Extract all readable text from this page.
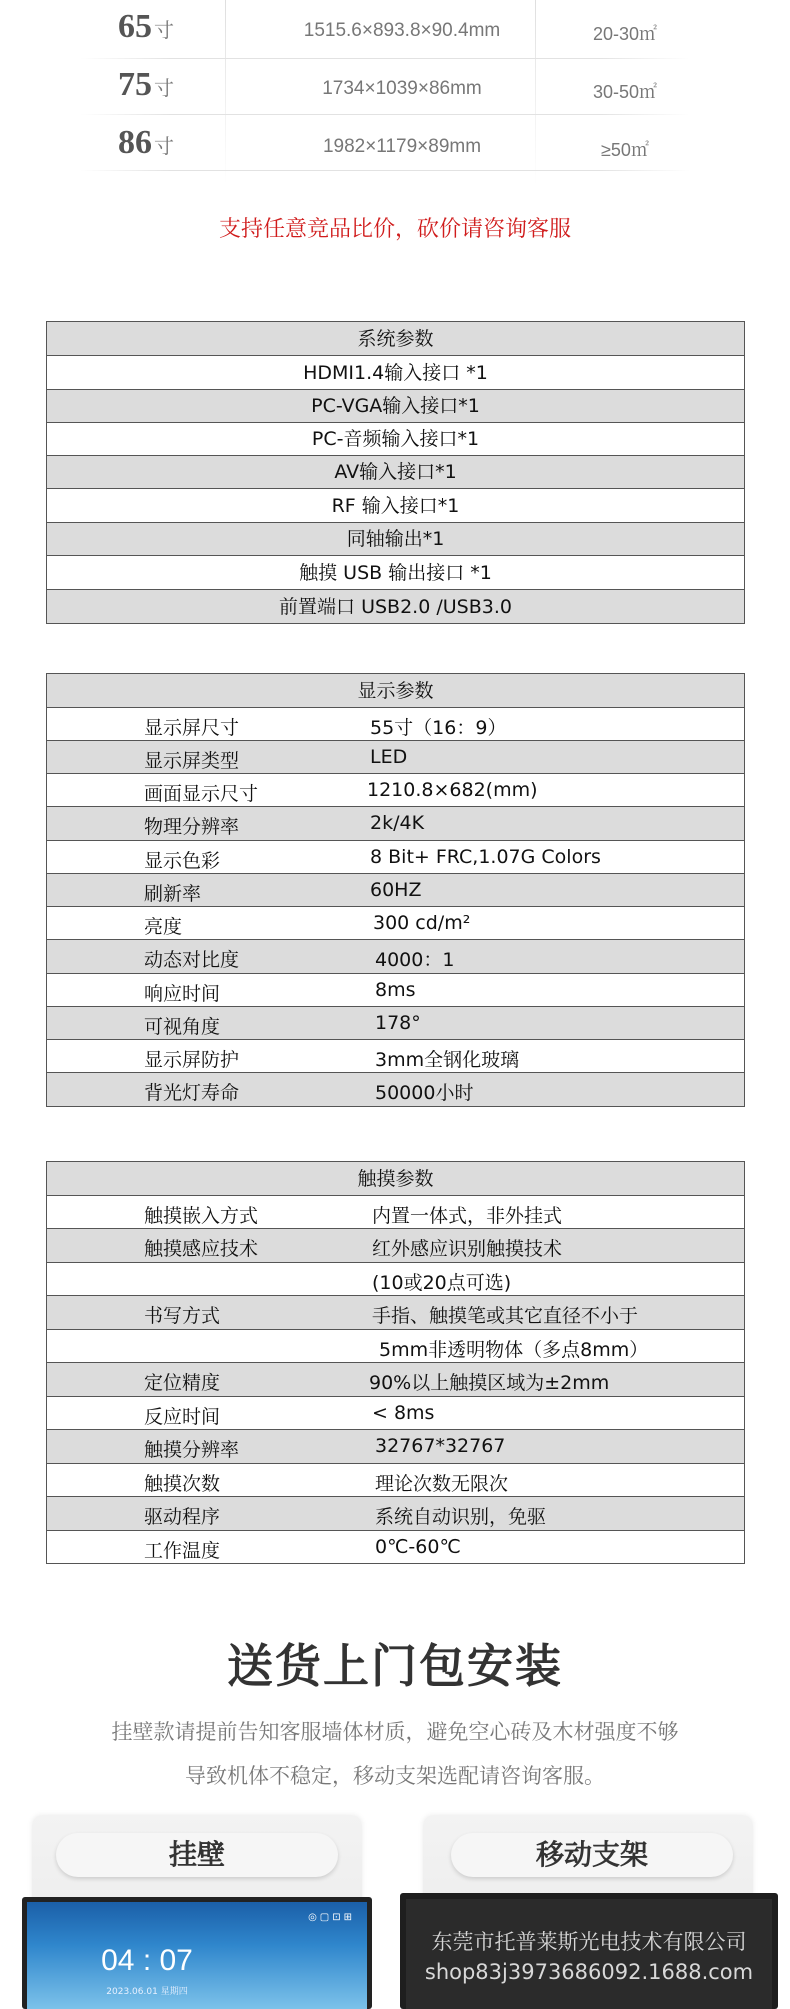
65 寸	1515.6×893.8×90.4mm	20-30㎡
75 寸	1734×1039×86mm	30-50㎡
86 寸	1982×1179×89mm	≥50㎡
支持任意竞品比价，砍价请咨询客服
系统参数
HDMI1.4输入接口 *1
PC-VGA输入接口*1
PC-音频输入接口*1
AV输入接口*1
RF 输入接口*1
同轴输出*1
触摸 USB 输出接口 *1
前置端口 USB2.0 /USB3.0
显示参数
显示屏尺寸	55寸（16：9）
显示屏类型	LED
画面显示尺寸	1210.8×682(mm)
物理分辨率	2k/4K
显示色彩	8 Bit+ FRC,1.07G Colors
刷新率	60HZ
亮度	300 cd/m²
动态对比度	4000：1
响应时间	8ms
可视角度	178°
显示屏防护	3mm全钢化玻璃
背光灯寿命	50000小时
触摸参数
触摸嵌入方式	内置一体式，非外挂式
触摸感应技术	红外感应识别触摸技术
(10或20点可选)
书写方式	手指、触摸笔或其它直径不小于
5mm非透明物体（多点8mm）
定位精度	90%以上触摸区域为±2mm
反应时间	< 8ms
触摸分辨率	32767*32767
触摸次数	理论次数无限次
驱动程序	系统自动识别，免驱
工作温度	0℃-60℃
送货上门包安装
挂壁款请提前告知客服墙体材质，避免空心砖及木材强度不够
导致机体不稳定，移动支架选配请咨询客服。
挂壁	移动支架
◎▢⊡⊞
04 : 07
2023.06.01 星期四
东莞市托普莱斯光电技术有限公司
shop83j3973686092.1688.com
